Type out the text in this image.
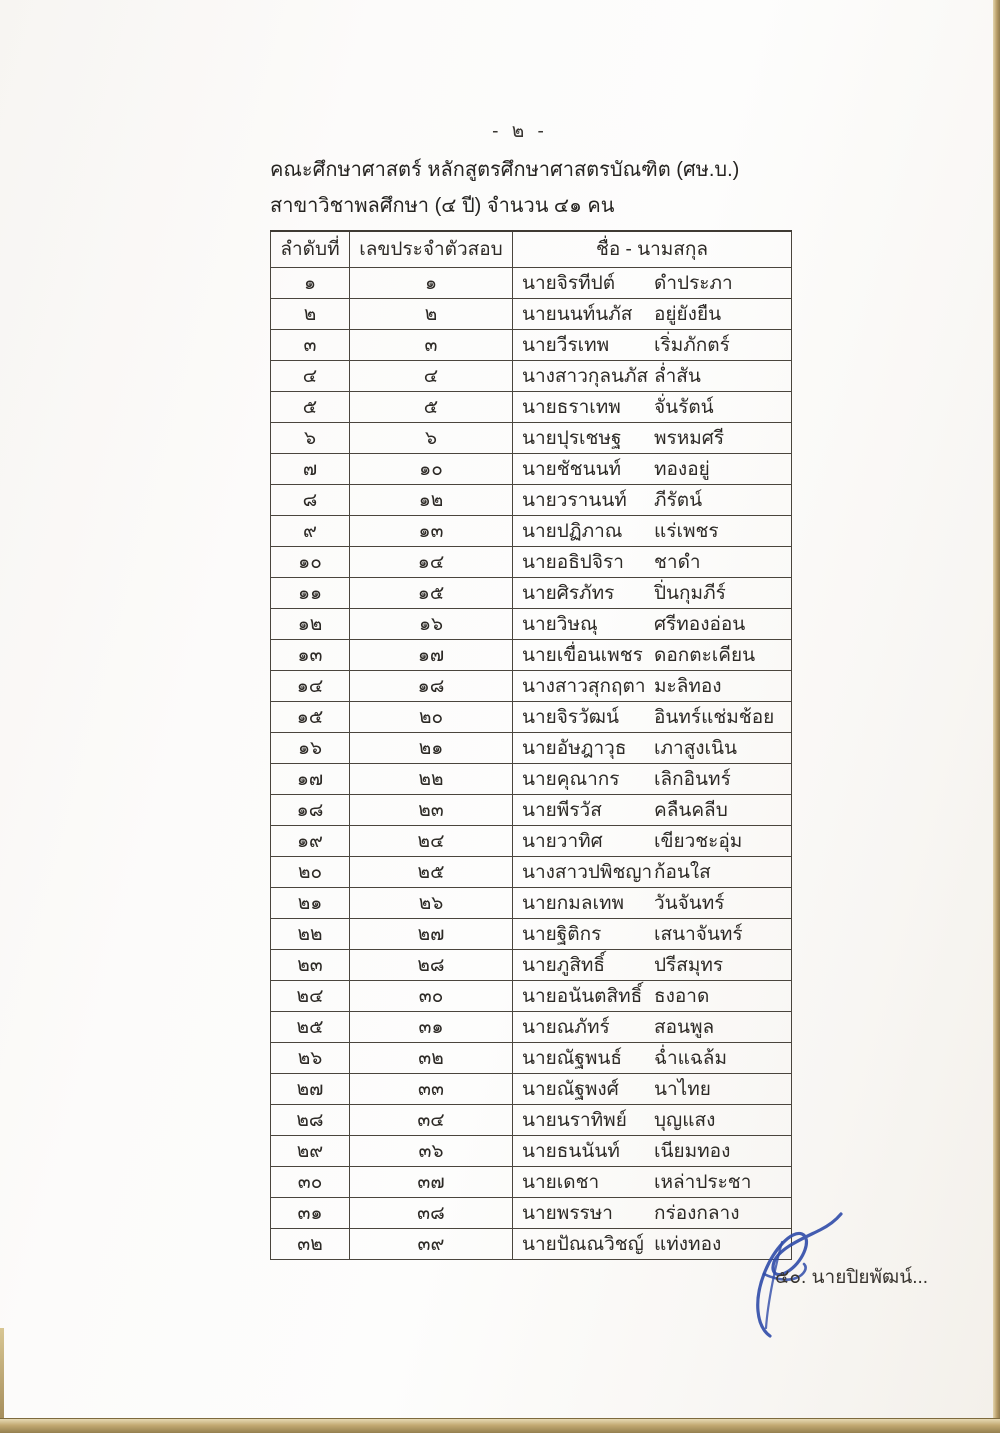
- ๒ -
คณะศึกษาศาสตร์ หลักสูตรศึกษาศาสตรบัณฑิต (ศษ.บ.)
สาขาวิชาพลศึกษา (๔ ปี) จำนวน ๔๑ คน
ลำดับที่	เลขประจำตัวสอบ	ชื่อ - นามสกุล
๑	๑	นายจิรทีปต์ ดำประภา

๒	๒	นายนนท์นภัส อยู่ยังยืน

๓	๓	นายวีรเทพ เริ่มภักตร์

๔	๔	นางสาวกุลนภัส ล่ำสัน

๕	๕	นายธราเทพ จั่นรัตน์

๖	๖	นายปุรเชษฐ พรหมศรี

๗	๑๐	นายชัชนนท์ ทองอยู่

๘	๑๒	นายวรานนท์ ภีรัตน์

๙	๑๓	นายปฏิภาณ แร่เพชร

๑๐	๑๔	นายอธิปจิรา ชาดำ

๑๑	๑๕	นายศิรภัทร ปิ่นกุมภีร์

๑๒	๑๖	นายวิษณุ ศรีทองอ่อน

๑๓	๑๗	นายเขื่อนเพชร ดอกตะเคียน

๑๔	๑๘	นางสาวสุกฤตา มะลิทอง

๑๕	๒๐	นายจิรวัฒน์ อินทร์แช่มช้อย

๑๖	๒๑	นายอัษฎาวุธ เภาสูงเนิน

๑๗	๒๒	นายคุณากร เลิกอินทร์

๑๘	๒๓	นายพีรวัส คลืนคลีบ

๑๙	๒๔	นายวาทิศ เขียวชะอุ่ม

๒๐	๒๕	นางสาวปพิชญา ก้อนใส

๒๑	๒๖	นายกมลเทพ วันจันทร์

๒๒	๒๗	นายฐิติกร เสนาจันทร์

๒๓	๒๘	นายภูสิทธิ์ ปรีสมุทร

๒๔	๓๐	นายอนันตสิทธิ์ ธงอาด

๒๕	๓๑	นายณภัทร์ สอนพูล

๒๖	๓๒	นายณัฐพนธ์ ฉ่ำแฉล้ม

๒๗	๓๓	นายณัฐพงศ์ นาไทย

๒๘	๓๔	นายนราทิพย์ บุญแสง

๒๙	๓๖	นายธนนันท์ เนียมทอง

๓๐	๓๗	นายเดชา เหล่าประชา

๓๑	๓๘	นายพรรษา กร่องกลาง

๓๒	๓๙	นายปัณณวิชญ์ แท่งทอง
๕๐. นายปิยพัฒน์...
